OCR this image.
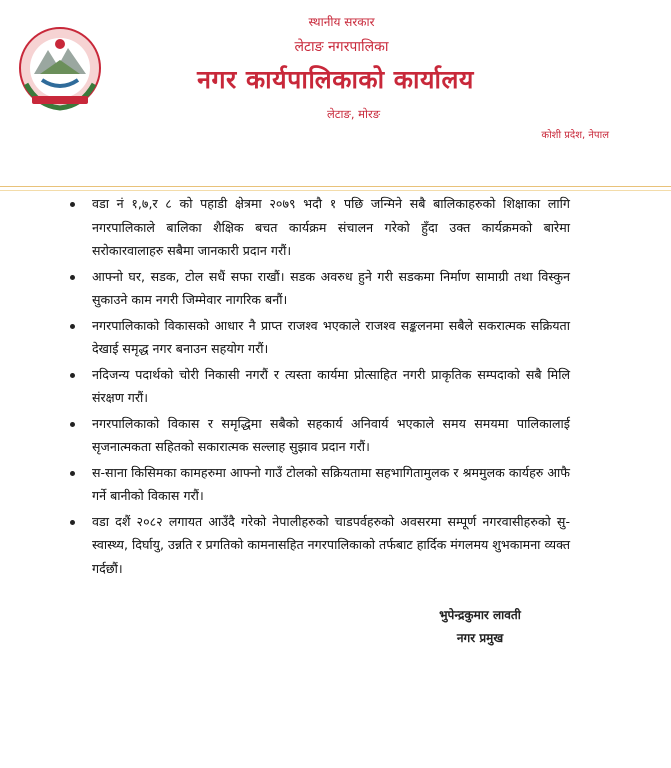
स्थानीय सरकार
लेटाङ नगरपालिका
नगर कार्यपालिकाको कार्यालय
लेटाङ, मोरङ
कोशी प्रदेश, नेपाल
वडा नं १,७,र ८ को पहाडी क्षेत्रमा २०७९ भदौ १ पछि जन्मिने सबै बालिकाहरुको शिक्षाका लागि नगरपालिकाले बालिका शैक्षिक बचत कार्यक्रम संचालन गरेको हुँदा उक्त कार्यक्रमको बारेमा सरोकारवालाहरु सबैमा जानकारी प्रदान गरौं।
आफ्नो घर, सडक, टोल सधैं सफा राखौं। सडक अवरुध हुने गरी सडकमा निर्माण सामाग्री तथा विस्कुन सुकाउने काम नगरी जिम्मेवार नागरिक बनौं।
नगरपालिकाको विकासको आधार नै प्राप्त राजश्व भएकाले राजश्व सङ्कलनमा सबैले सकरात्मक सक्रियता देखाई समृद्ध नगर बनाउन सहयोग गरौं।
नदिजन्य पदार्थको चोरी निकासी नगरौं र त्यस्ता कार्यमा प्रोत्साहित नगरी प्राकृतिक सम्पदाको सबै मिलि संरक्षण गरौं।
नगरपालिकाको विकास र समृद्धिमा सबैको सहकार्य अनिवार्य भएकाले समय समयमा पालिकालाई सृजनात्मकता सहितको सकारात्मक सल्लाह सुझाव प्रदान गरौं।
स-साना किसिमका कामहरुमा आफ्नो गाउँ टोलको सक्रियतामा सहभागितामुलक र श्रममुलक कार्यहरु आफै गर्ने बानीको विकास गरौं।
वडा दशैं २०८२ लगायत आउँदै गरेको नेपालीहरुको चाडपर्वहरुको अवसरमा सम्पूर्ण नगरवासीहरुको सु-स्वास्थ्य, दिर्घायु, उन्नति र प्रगतिको कामनासहित नगरपालिकाको तर्फबाट हार्दिक मंगलमय शुभकामना व्यक्त गर्दछौं।
भुपेन्द्रकुमार लावती
नगर प्रमुख
